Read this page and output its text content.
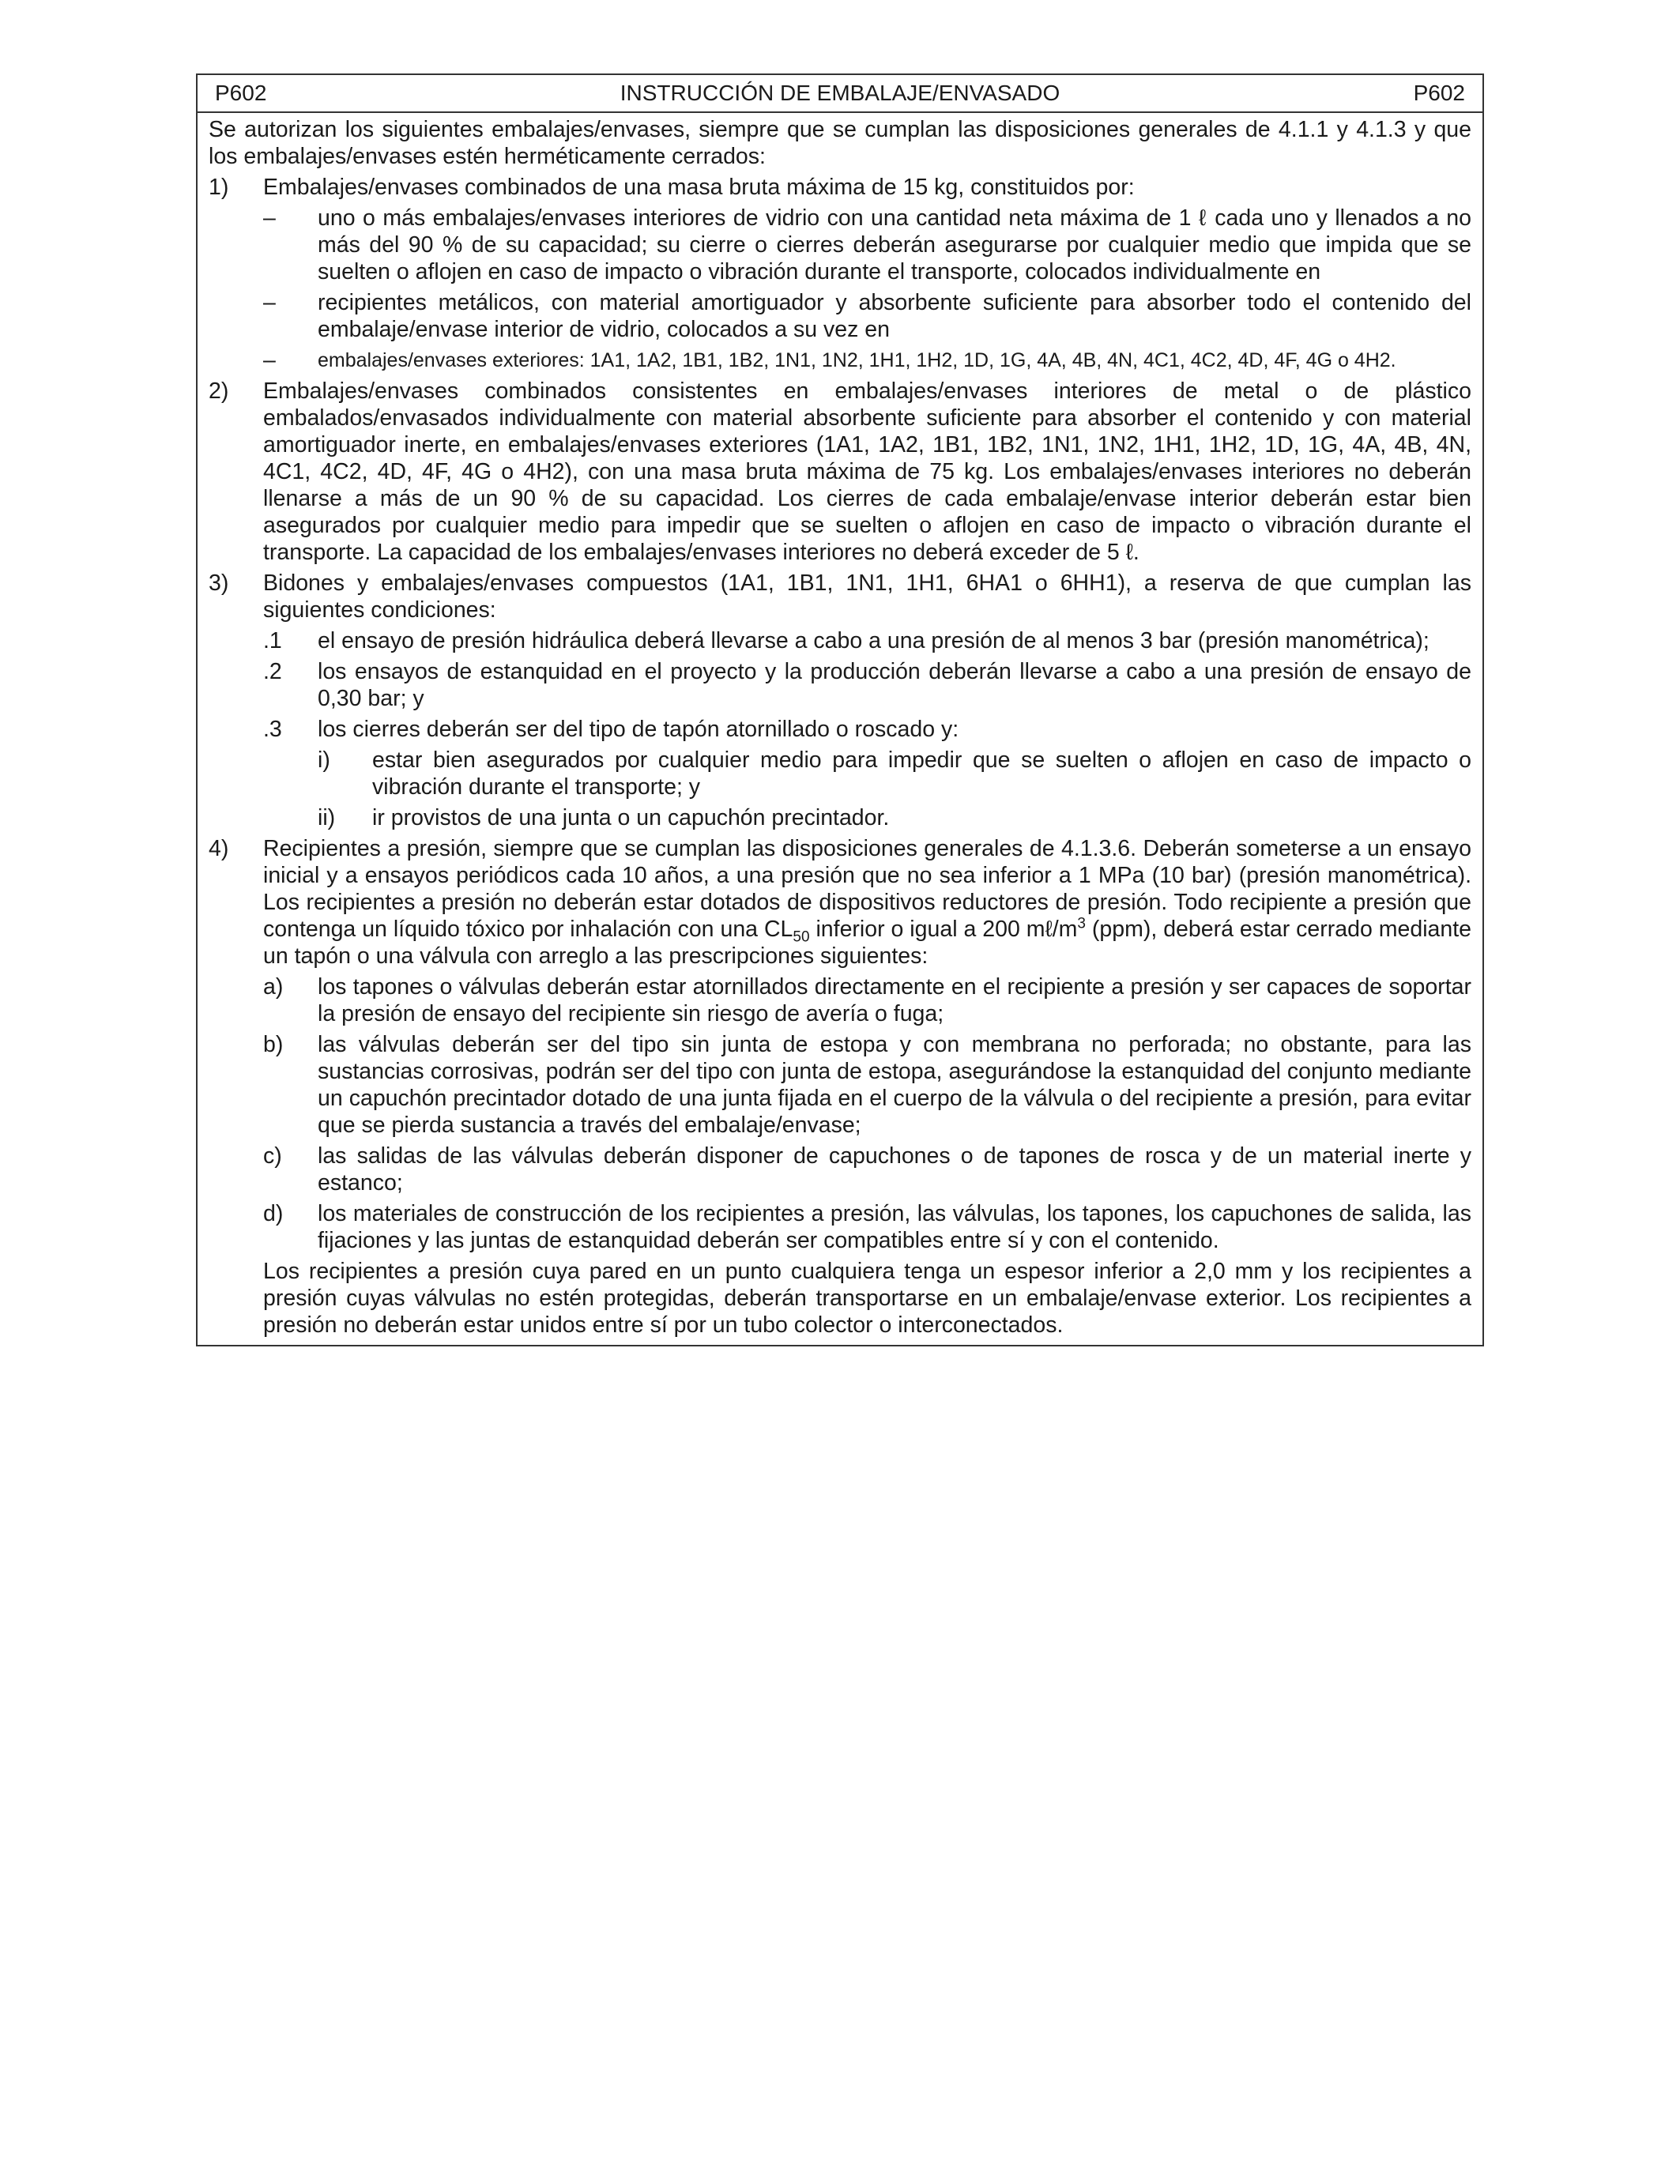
P602	INSTRUCCIÓN DE EMBALAJE/ENVASADO	P602
Se autorizan los siguientes embalajes/envases, siempre que se cumplan las disposiciones generales de 4.1.1 y 4.1.3 y que los embalajes/envases estén herméticamente cerrados:
1)	Embalajes/envases combinados de una masa bruta máxima de 15 kg, constituidos por:
–	uno o más embalajes/envases interiores de vidrio con una cantidad neta máxima de 1 ℓ cada uno y llenados a no más del 90 % de su capacidad; su cierre o cierres deberán asegurarse por cualquier medio que impida que se suelten o aflojen en caso de impacto o vibración durante el transporte, colocados individualmente en
–	recipientes metálicos, con material amortiguador y absorbente suficiente para absorber todo el contenido del embalaje/envase interior de vidrio, colocados a su vez en
–	embalajes/envases exteriores: 1A1, 1A2, 1B1, 1B2, 1N1, 1N2, 1H1, 1H2, 1D, 1G, 4A, 4B, 4N, 4C1, 4C2, 4D, 4F, 4G o 4H2.
2)	Embalajes/envases combinados consistentes en embalajes/envases interiores de metal o de plástico embalados/envasados individualmente con material absorbente suficiente para absorber el contenido y con material amortiguador inerte, en embalajes/envases exteriores (1A1, 1A2, 1B1, 1B2, 1N1, 1N2, 1H1, 1H2, 1D, 1G, 4A, 4B, 4N, 4C1, 4C2, 4D, 4F, 4G o 4H2), con una masa bruta máxima de 75 kg. Los embalajes/envases interiores no deberán llenarse a más de un 90 % de su capacidad. Los cierres de cada embalaje/envase interior deberán estar bien asegurados por cualquier medio para impedir que se suelten o aflojen en caso de impacto o vibración durante el transporte. La capacidad de los embalajes/envases interiores no deberá exceder de 5 ℓ.
3)	Bidones y embalajes/envases compuestos (1A1, 1B1, 1N1, 1H1, 6HA1 o 6HH1), a reserva de que cumplan las siguientes condiciones:
.1	el ensayo de presión hidráulica deberá llevarse a cabo a una presión de al menos 3 bar (presión manométrica);
.2	los ensayos de estanquidad en el proyecto y la producción deberán llevarse a cabo a una presión de ensayo de 0,30 bar; y
.3	los cierres deberán ser del tipo de tapón atornillado o roscado y:
i)	estar bien asegurados por cualquier medio para impedir que se suelten o aflojen en caso de impacto o vibración durante el transporte; y
ii)	ir provistos de una junta o un capuchón precintador.
4)	Recipientes a presión, siempre que se cumplan las disposiciones generales de 4.1.3.6. Deberán someterse a un ensayo inicial y a ensayos periódicos cada 10 años, a una presión que no sea inferior a 1 MPa (10 bar) (presión manométrica). Los recipientes a presión no deberán estar dotados de dispositivos reductores de presión. Todo recipiente a presión que contenga un líquido tóxico por inhalación con una $CL_{50}$ inferior o igual a 200 $m\ell/m^3$ (ppm), deberá estar cerrado mediante un tapón o una válvula con arreglo a las prescripciones siguientes:
a)	los tapones o válvulas deberán estar atornillados directamente en el recipiente a presión y ser capaces de soportar la presión de ensayo del recipiente sin riesgo de avería o fuga;
b)	las válvulas deberán ser del tipo sin junta de estopa y con membrana no perforada; no obstante, para las sustancias corrosivas, podrán ser del tipo con junta de estopa, asegurándose la estanquidad del conjunto mediante un capuchón precintador dotado de una junta fijada en el cuerpo de la válvula o del recipiente a presión, para evitar que se pierda sustancia a través del embalaje/envase;
c)	las salidas de las válvulas deberán disponer de capuchones o de tapones de rosca y de un material inerte y estanco;
d)	los materiales de construcción de los recipientes a presión, las válvulas, los tapones, los capuchones de salida, las fijaciones y las juntas de estanquidad deberán ser compatibles entre sí y con el contenido.
Los recipientes a presión cuya pared en un punto cualquiera tenga un espesor inferior a 2,0 mm y los recipientes a presión cuyas válvulas no estén protegidas, deberán transportarse en un embalaje/envase exterior. Los recipientes a presión no deberán estar unidos entre sí por un tubo colector o interconectados.
